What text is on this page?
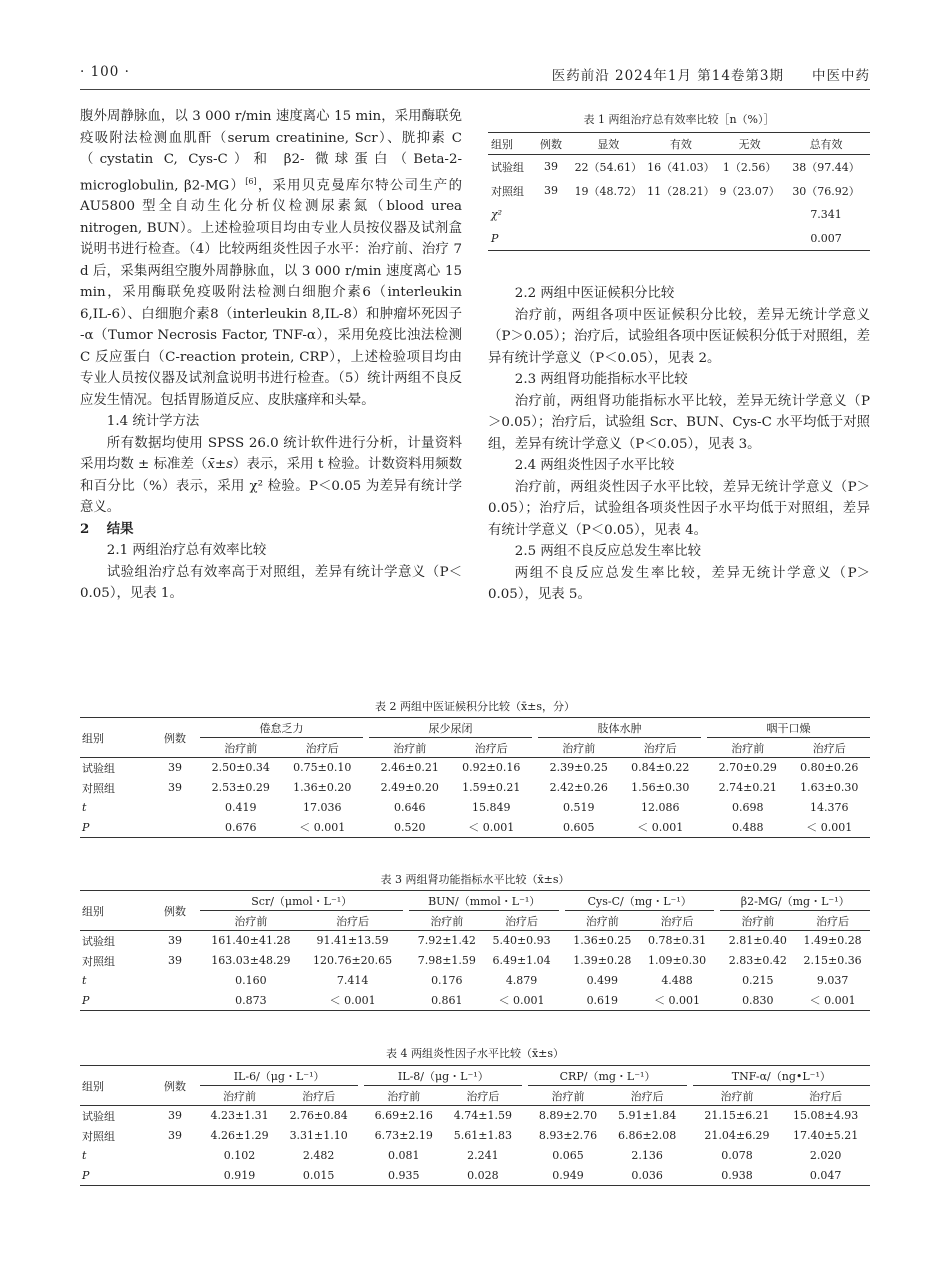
· 100 ·	医药前沿 2024年1月 第14卷第3期 中医中药

腹外周静脉血，以 3 000 r/min 速度离心 15 min，采用酶联免疫吸附法检测血肌酐（serum creatinine, Scr）、胱抑素 C（cystatin C, Cys-C）和 β2- 微球蛋白（Beta-2-microglobulin, β2-MG）[6]，采用贝克曼库尔特公司生产的 AU5800 型全自动生化分析仪检测尿素氮（blood urea nitrogen, BUN）。上述检验项目均由专业人员按仪器及试剂盒说明书进行检查。（4）比较两组炎性因子水平：治疗前、治疗 7 d 后，采集两组空腹外周静脉血，以 3 000 r/min 速度离心 15 min，采用酶联免疫吸附法检测白细胞介素6（interleukin 6,IL-6）、白细胞介素8（interleukin 8,IL-8）和肿瘤坏死因子 -α（Tumor Necrosis Factor, TNF-α），采用免疫比浊法检测 C 反应蛋白（C-reaction protein, CRP），上述检验项目均由专业人员按仪器及试剂盒说明书进行检查。（5）统计两组不良反应发生情况。包括胃肠道反应、皮肤瘙痒和头晕。

1.4 统计学方法

所有数据均使用 SPSS 26.0 统计软件进行分析，计量资料采用均数 ± 标准差（x̄±s）表示，采用 t 检验。计数资料用频数和百分比（%）表示，采用 χ² 检验。P＜0.05 为差异有统计学意义。

2 结果

2.1 两组治疗总有效率比较

试验组治疗总有效率高于对照组，差异有统计学意义（P＜0.05），见表 1。

表 1 两组治疗总有效率比较［n（%）］
组别	例数	显效	有效	无效	总有效
试验组	39	22（54.61）	16（41.03）	1（2.56）	38（97.44）
对照组	39	19（48.72）	11（28.21）	9（23.07）	30（76.92）
χ²					7.341
P					0.007

2.2 两组中医证候积分比较

治疗前，两组各项中医证候积分比较，差异无统计学意义（P＞0.05）；治疗后，试验组各项中医证候积分低于对照组，差异有统计学意义（P＜0.05），见表 2。

2.3 两组肾功能指标水平比较

治疗前，两组肾功能指标水平比较，差异无统计学意义（P＞0.05）；治疗后，试验组 Scr、BUN、Cys-C 水平均低于对照组，差异有统计学意义（P＜0.05），见表 3。

2.4 两组炎性因子水平比较

治疗前，两组炎性因子水平比较，差异无统计学意义（P＞0.05）；治疗后，试验组各项炎性因子水平均低于对照组，差异有统计学意义（P＜0.05），见表 4。

2.5 两组不良反应总发生率比较

两组不良反应总发生率比较，差异无统计学意义（P＞0.05），见表 5。

表 2 两组中医证候积分比较（x̄±s，分）
组别	例数	倦怠乏力			尿少尿闭			肢体水肿			咽干口燥	
		治疗前	治疗后		治疗前	治疗后		治疗前	治疗后		治疗前	治疗后
试验组	39	2.50±0.34	0.75±0.10		2.46±0.21	0.92±0.16		2.39±0.25	0.84±0.22		2.70±0.29	0.80±0.26
对照组	39	2.53±0.29	1.36±0.20		2.49±0.20	1.59±0.21		2.42±0.26	1.56±0.30		2.74±0.21	1.63±0.30
t		0.419	17.036		0.646	15.849		0.519	12.086		0.698	14.376
P		0.676	＜ 0.001		0.520	＜ 0.001		0.605	＜ 0.001		0.488	＜ 0.001
表 3 两组肾功能指标水平比较（x̄±s）
组别	例数	Scr/（μmol・L⁻¹）			BUN/（mmol・L⁻¹）			Cys-C/（mg・L⁻¹）			β2-MG/（mg・L⁻¹）	
		治疗前	治疗后		治疗前	治疗后		治疗前	治疗后		治疗前	治疗后
试验组	39	161.40±41.28	91.41±13.59		7.92±1.42	5.40±0.93		1.36±0.25	0.78±0.31		2.81±0.40	1.49±0.28
对照组	39	163.03±48.29	120.76±20.65		7.98±1.59	6.49±1.04		1.39±0.28	1.09±0.30		2.83±0.42	2.15±0.36
t		0.160	7.414		0.176	4.879		0.499	4.488		0.215	9.037
P		0.873	＜ 0.001		0.861	＜ 0.001		0.619	＜ 0.001		0.830	＜ 0.001
表 4 两组炎性因子水平比较（x̄±s）
组别	例数	IL-6/（μg・L⁻¹）			IL-8/（μg・L⁻¹）			CRP/（mg・L⁻¹）			TNF-α/（ng•L⁻¹）	
		治疗前	治疗后		治疗前	治疗后		治疗前	治疗后		治疗前	治疗后
试验组	39	4.23±1.31	2.76±0.84		6.69±2.16	4.74±1.59		8.89±2.70	5.91±1.84		21.15±6.21	15.08±4.93
对照组	39	4.26±1.29	3.31±1.10		6.73±2.19	5.61±1.83		8.93±2.76	6.86±2.08		21.04±6.29	17.40±5.21
t		0.102	2.482		0.081	2.241		0.065	2.136		0.078	2.020
P		0.919	0.015		0.935	0.028		0.949	0.036		0.938	0.047
